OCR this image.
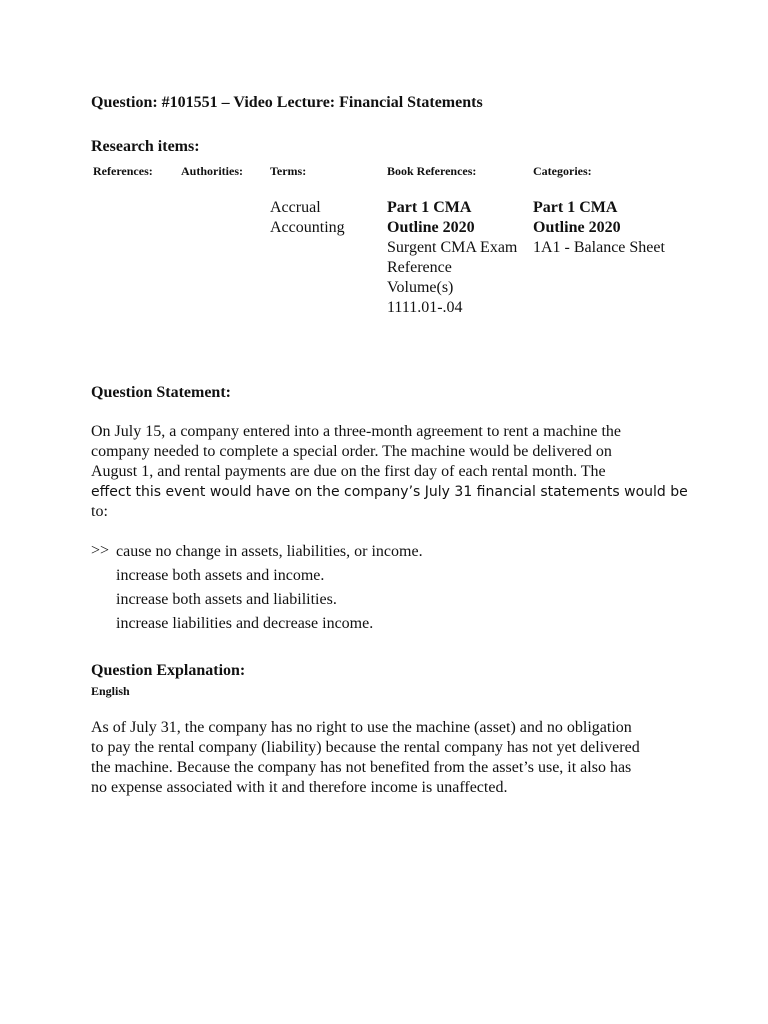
Question: #101551 – Video Lecture: Financial Statements
Research items:
References: Authorities: Terms:	Book References:	Categories:
Accrual
Accounting
Part 1 CMA
Outline 2020
Surgent CMA Exam
Reference
Volume(s)
1111.01-.04
Part 1 CMA
Outline 2020
1A1 - Balance Sheet
Question Statement:
On July 15, a company entered into a three-month agreement to rent a machine the
company needed to complete a special order. The machine would be delivered on
August 1, and rental payments are due on the first day of each rental month. The
effect this event would have on the company’s July 31 financial statements would be
to:
>> cause no change in assets, liabilities, or income.
increase both assets and income.
increase both assets and liabilities.
increase liabilities and decrease income.
Question Explanation:
English
As of July 31, the company has no right to use the machine (asset) and no obligation
to pay the rental company (liability) because the rental company has not yet delivered
the machine. Because the company has not benefited from the asset’s use, it also has
no expense associated with it and therefore income is unaffected.
